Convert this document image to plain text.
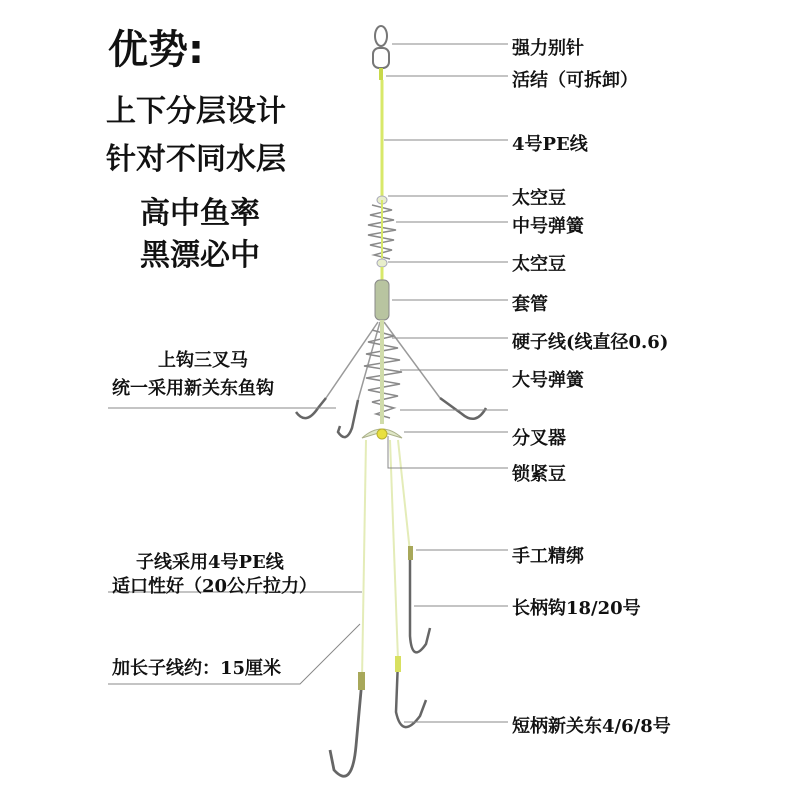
优势:
上下分层设计
针对不同水层
高中鱼率
黑漂必中
强力别针
活结（可拆卸）
4号PE线
太空豆
中号弹簧
太空豆
套管
硬子线(线直径0.6)
大号弹簧
分叉器
锁紧豆
手工精绑
长柄钩18/20号
短柄新关东4/6/8号
上钩三叉马
统一采用新关东鱼钩
子线采用4号PE线
适口性好（20公斤拉力）
加长子线约：15厘米
